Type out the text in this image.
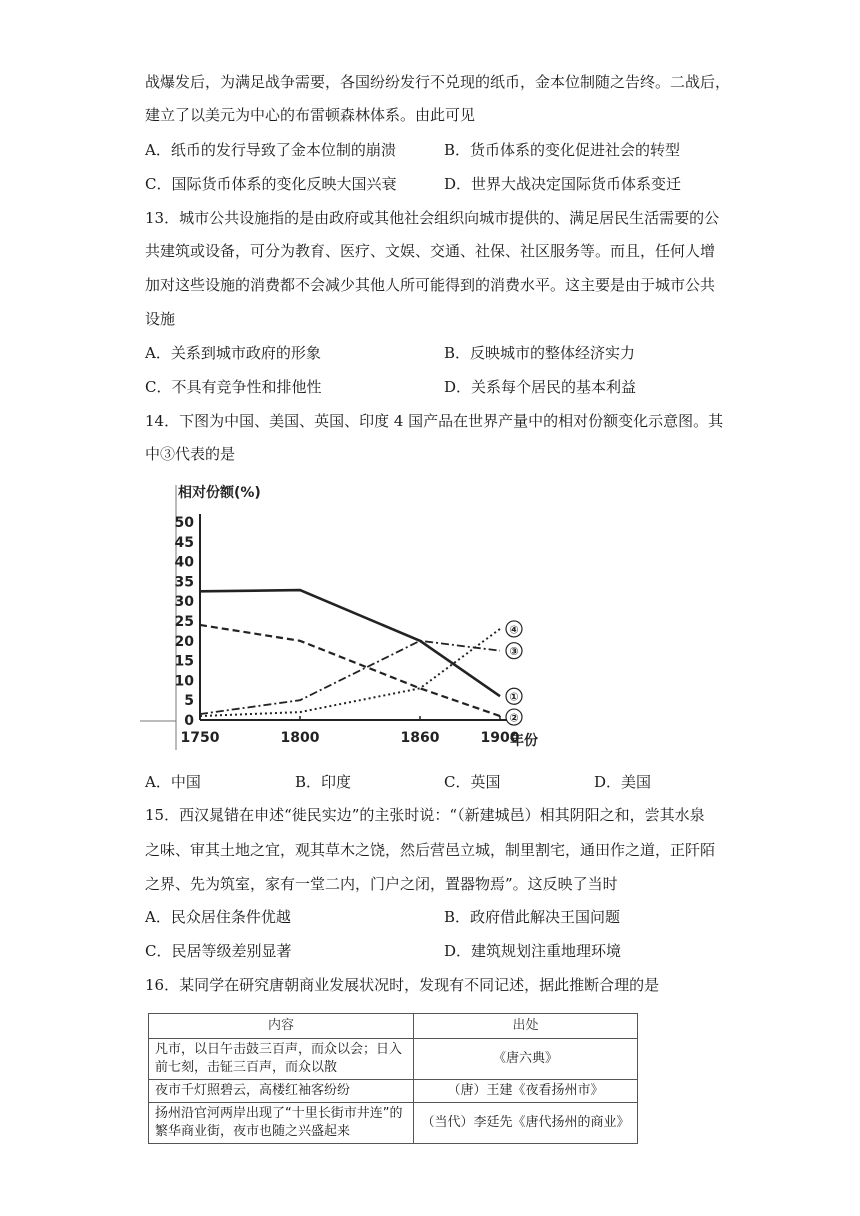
战爆发后，为满足战争需要，各国纷纷发行不兑现的纸币，金本位制随之告终。二战后，
建立了以美元为中心的布雷顿森林体系。由此可见
A．纸币的发行导致了金本位制的崩溃	B．货币体系的变化促进社会的转型
C．国际货币体系的变化反映大国兴衰	D．世界大战决定国际货币体系变迁
13．城市公共设施指的是由政府或其他社会组织向城市提供的、满足居民生活需要的公
共建筑或设备，可分为教育、医疗、文娱、交通、社保、社区服务等。而且，任何人增
加对这些设施的消费都不会减少其他人所可能得到的消费水平。这主要是由于城市公共
设施
A．关系到城市政府的形象	B．反映城市的整体经济实力
C．不具有竞争性和排他性	D．关系每个居民的基本利益
14．下图为中国、美国、英国、印度 4 国产品在世界产量中的相对份额变化示意图。其
中③代表的是
相对份额(%)
0
5
10
15
20
25
30
35
40
45
50
1750	1800	1860	1900
年份
①
②
③
④
A．中国	B．印度	C．英国	D．美国
15．西汉晁错在申述“徙民实边”的主张时说：“（新建城邑）相其阴阳之和，尝其水泉
之味、审其土地之宜，观其草木之饶，然后营邑立城，制里割宅，通田作之道，正阡陌
之界、先为筑室，家有一堂二内，门户之闭，置器物焉”。这反映了当时
A．民众居住条件优越	B．政府借此解决王国问题
C．民居等级差别显著	D．建筑规划注重地理环境
16．某同学在研究唐朝商业发展状况时，发现有不同记述，据此推断合理的是
内容	出处
凡市，以日午击鼓三百声，而众以会；日入前七刻，击钲三百声，而众以散	《唐六典》
夜市千灯照碧云，高楼红袖客纷纷	（唐）王建《夜看扬州市》
扬州沿官河两岸出现了“十里长街市井连”的繁华商业街，夜市也随之兴盛起来	（当代）李廷先《唐代扬州的商业》
